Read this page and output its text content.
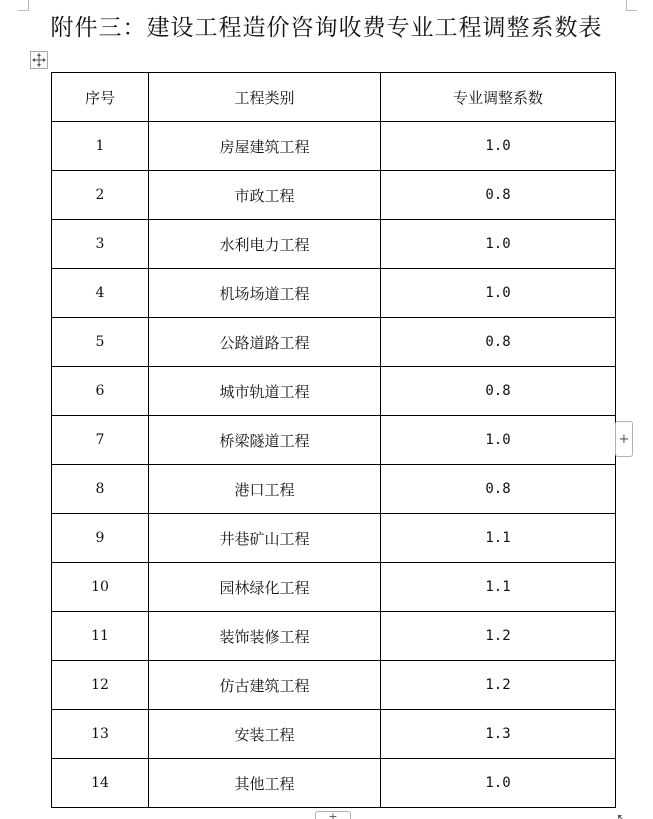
附件三：建设工程造价咨询收费专业工程调整系数表
序号	工程类别	专业调整系数
1	房屋建筑工程	1.0
2	市政工程	0.8
3	水利电力工程	1.0
4	机场场道工程	1.0
5	公路道路工程	0.8
6	城市轨道工程	0.8
7	桥梁隧道工程	1.0
8	港口工程	0.8
9	井巷矿山工程	1.1
10	园林绿化工程	1.1
11	装饰装修工程	1.2
12	仿古建筑工程	1.2
13	安装工程	1.3
14	其他工程	1.0
+
+
